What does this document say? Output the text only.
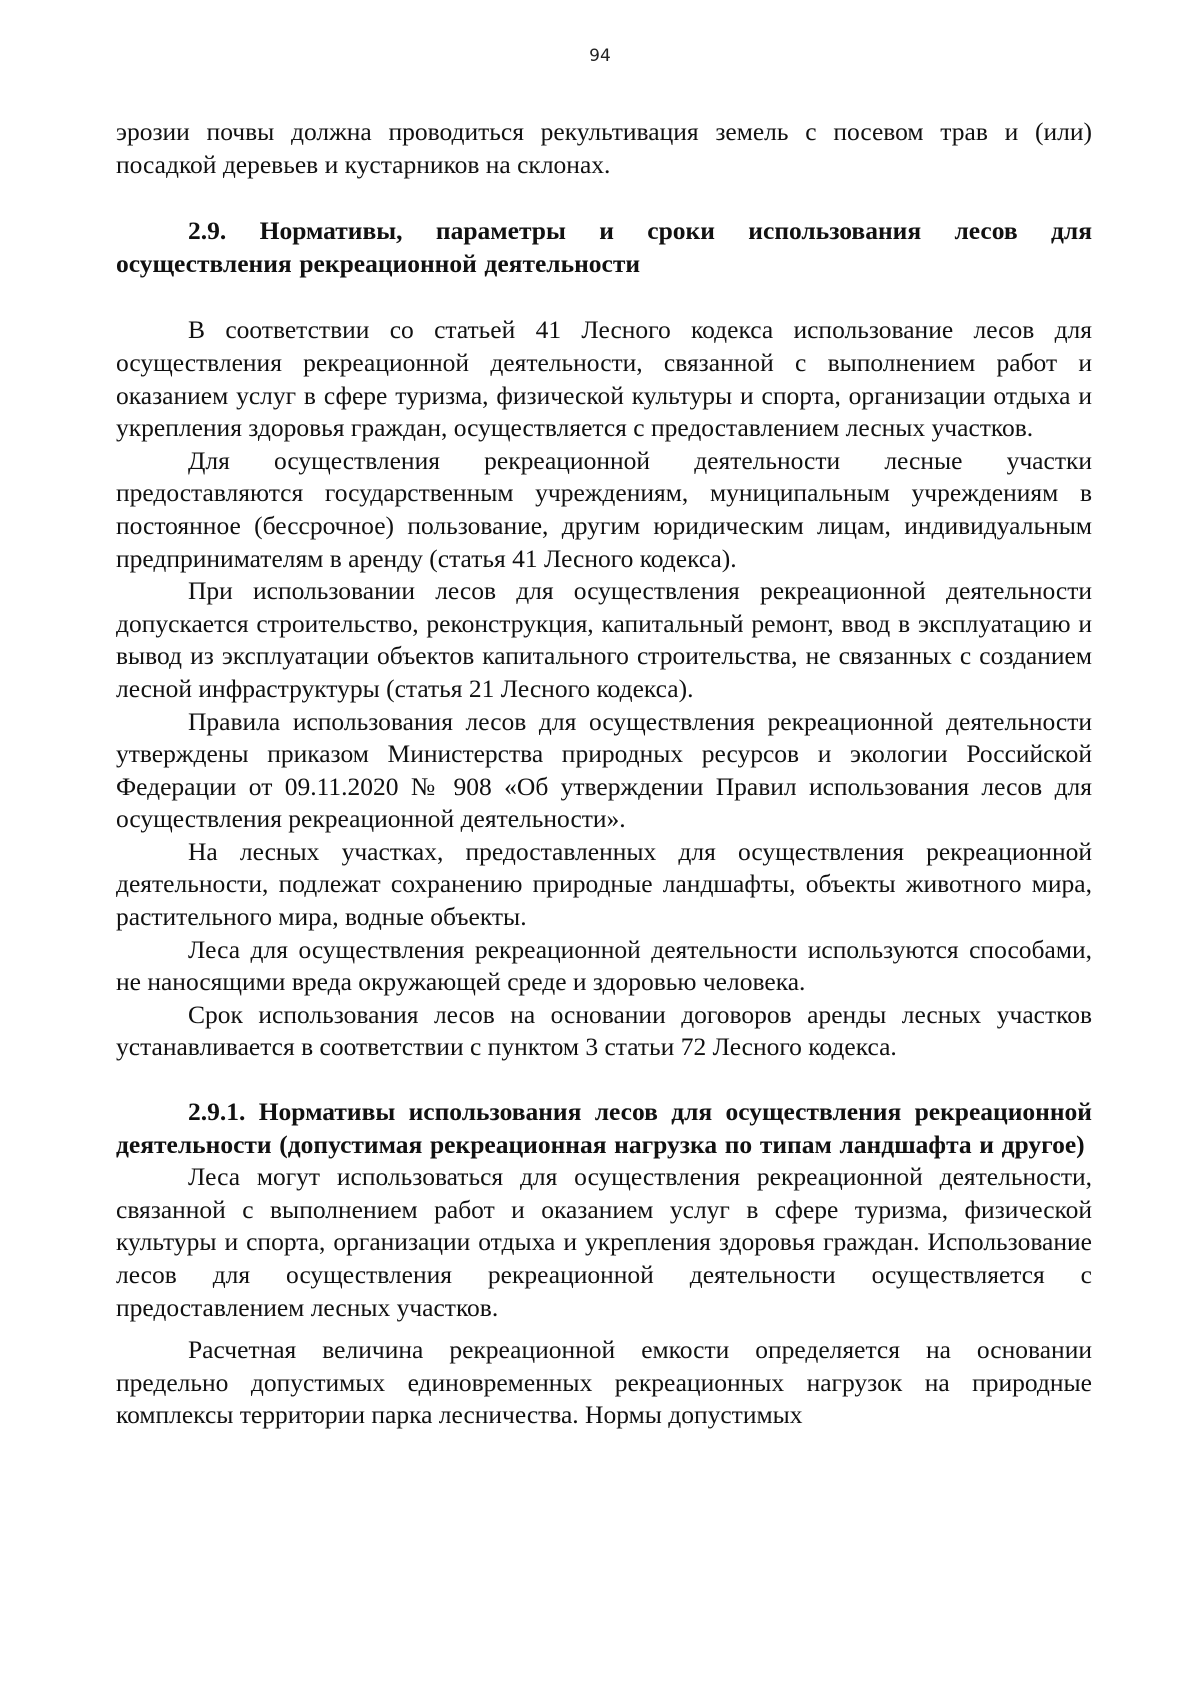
94

эрозии почвы должна проводиться рекультивация земель с посевом трав и (или) посадкой деревьев и кустарников на склонах.

2.9. Нормативы, параметры и сроки использования лесов для осуществления рекреационной деятельности

В соответствии со статьей 41 Лесного кодекса использование лесов для осуществления рекреационной деятельности, связанной с выполнением работ и оказанием услуг в сфере туризма, физической культуры и спорта, организации отдыха и укрепления здоровья граждан, осуществляется с предоставлением лесных участков.

Для осуществления рекреационной деятельности лесные участки предоставляются государственным учреждениям, муниципальным учреждениям в постоянное (бессрочное) пользование, другим юридическим лицам, индивидуальным предпринимателям в аренду (статья 41 Лесного кодекса).

При использовании лесов для осуществления рекреационной деятельности допускается строительство, реконструкция, капитальный ремонт, ввод в эксплуатацию и вывод из эксплуатации объектов капитального строительства, не связанных с созданием лесной инфраструктуры (статья 21 Лесного кодекса).

Правила использования лесов для осуществления рекреационной деятельности утверждены приказом Министерства природных ресурсов и экологии Российской Федерации от 09.11.2020 № 908 «Об утверждении Правил использования лесов для осуществления рекреационной деятельности».

На лесных участках, предоставленных для осуществления рекреационной деятельности, подлежат сохранению природные ландшафты, объекты животного мира, растительного мира, водные объекты.

Леса для осуществления рекреационной деятельности используются способами, не наносящими вреда окружающей среде и здоровью человека.

Срок использования лесов на основании договоров аренды лесных участков устанавливается в соответствии с пунктом 3 статьи 72 Лесного кодекса.

2.9.1. Нормативы использования лесов для осуществления рекреационной деятельности (допустимая рекреационная нагрузка по типам ландшафта и другое)

Леса могут использоваться для осуществления рекреационной деятельности, связанной с выполнением работ и оказанием услуг в сфере туризма, физической культуры и спорта, организации отдыха и укрепления здоровья граждан. Использование лесов для осуществления рекреационной деятельности осуществляется с предоставлением лесных участков.

Расчетная величина рекреационной емкости определяется на основании предельно допустимых единовременных рекреационных нагрузок на природные комплексы территории парка лесничества. Нормы допустимых
